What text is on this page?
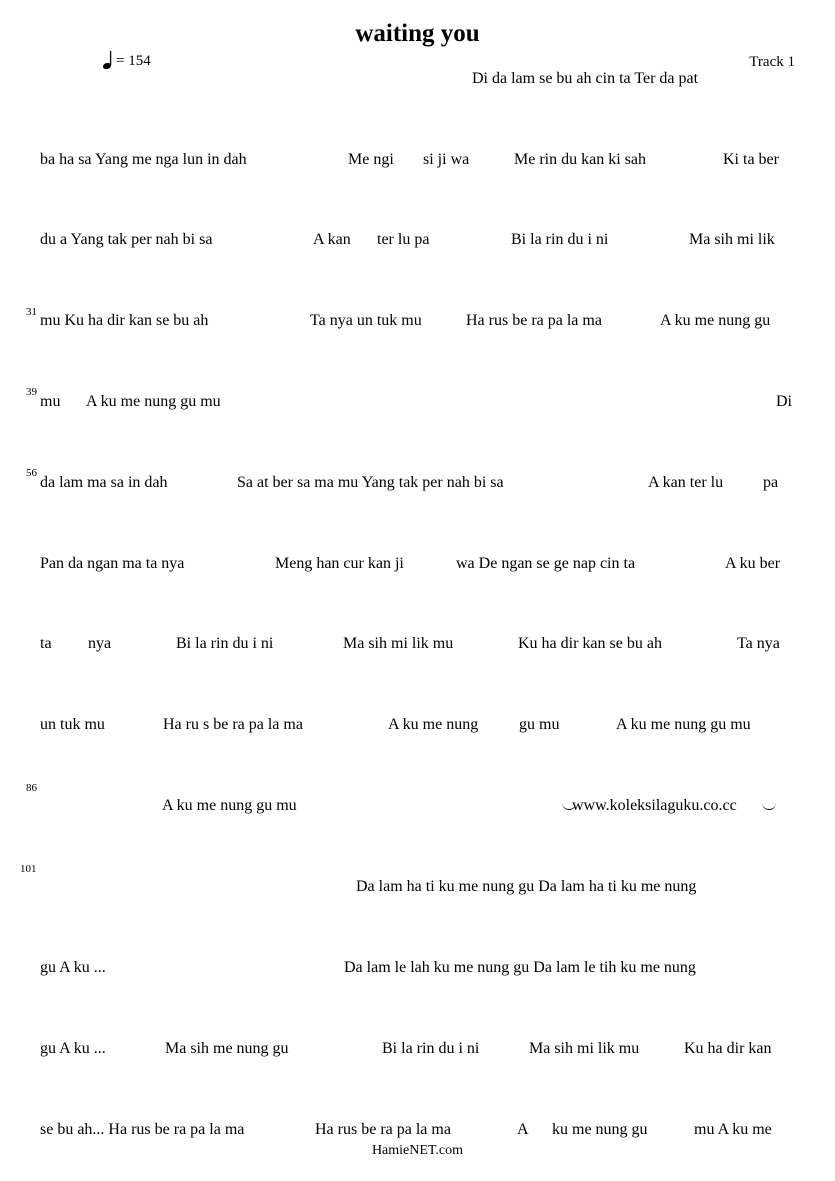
waiting you
= 154	Track 1
31
39
56
86
101
Di da lam se bu ah cin ta Ter da pat
ba ha sa Yang me nga lun in dah	Me ngi si ji wa	Me rin du kan ki sah	Ki ta ber
du a Yang tak per nah bi sa	A kan ter lu pa	Bi la rin du i ni	Ma sih mi lik
mu Ku ha dir kan se bu ah	Ta nya un tuk mu	Ha rus be ra pa la ma	A ku me nung gu
mu A ku me nung gu mu	Di
da lam ma sa in dah	Sa at ber sa ma mu Yang tak per nah bi sa	A kan ter lu pa
Pan da ngan ma ta nya	Meng han cur kan ji	wa De ngan se ge nap cin ta	A ku ber
ta nya	Bi la rin du i ni	Ma sih mi lik mu	Ku ha dir kan se bu ah	Ta nya
un tuk mu	Ha ru s be ra pa la ma	A ku me nung	gu mu	A ku me nung gu mu
A ku me nung gu mu	www.koleksilaguku.co.cc
Da lam ha ti ku me nung gu Da lam ha ti ku me nung
gu A ku ...	Da lam le lah ku me nung gu Da lam le tih ku me nung
gu A ku ...	Ma sih me nung gu	Bi la rin du i ni	Ma sih mi lik mu	Ku ha dir kan
se bu ah... Ha rus be ra pa la ma	Ha rus be ra pa la ma	A ku me nung gu	mu A ku me
HamieNET.com
